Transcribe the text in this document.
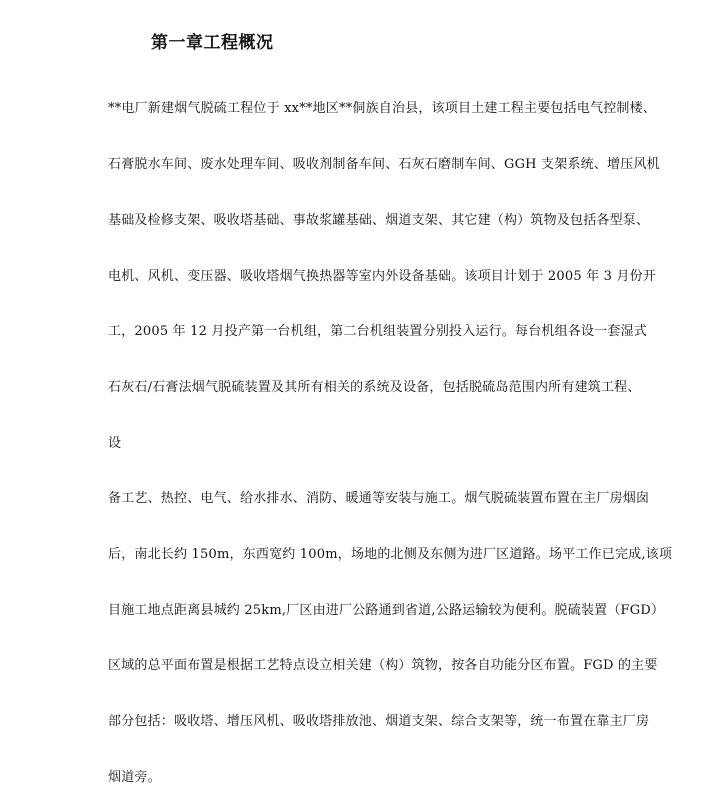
第一章工程概况
**电厂新建烟气脱硫工程位于 xx**地区**侗族自治县，该项目土建工程主要包括电气控制楼、
石膏脱水车间、废水处理车间、吸收剂制备车间、石灰石磨制车间、GGH 支架系统、增压风机
基础及检修支架、吸收塔基础、事故浆罐基础、烟道支架、其它建（构）筑物及包括各型泵、
电机、风机、变压器、吸收塔烟气换热器等室内外设备基础。该项目计划于 2005 年 3 月份开
工，2005 年 12 月投产第一台机组，第二台机组装置分别投入运行。每台机组各设一套湿式
石灰石/石膏法烟气脱硫装置及其所有相关的系统及设备，包括脱硫岛范围内所有建筑工程、
设
备工艺、热控、电气、给水排水、消防、暖通等安装与施工。烟气脱硫装置布置在主厂房烟囱
后，南北长约 150m，东西宽约 100m，场地的北侧及东侧为进厂区道路。场平工作已完成,该项
目施工地点距离县城约 25km,厂区由进厂公路通到省道,公路运输较为便利。脱硫装置（FGD）
区域的总平面布置是根据工艺特点设立相关建（构）筑物，按各自功能分区布置。FGD 的主要
部分包括：吸收塔、增压风机、吸收塔排放池、烟道支架、综合支架等，统一布置在靠主厂房
烟道旁。
